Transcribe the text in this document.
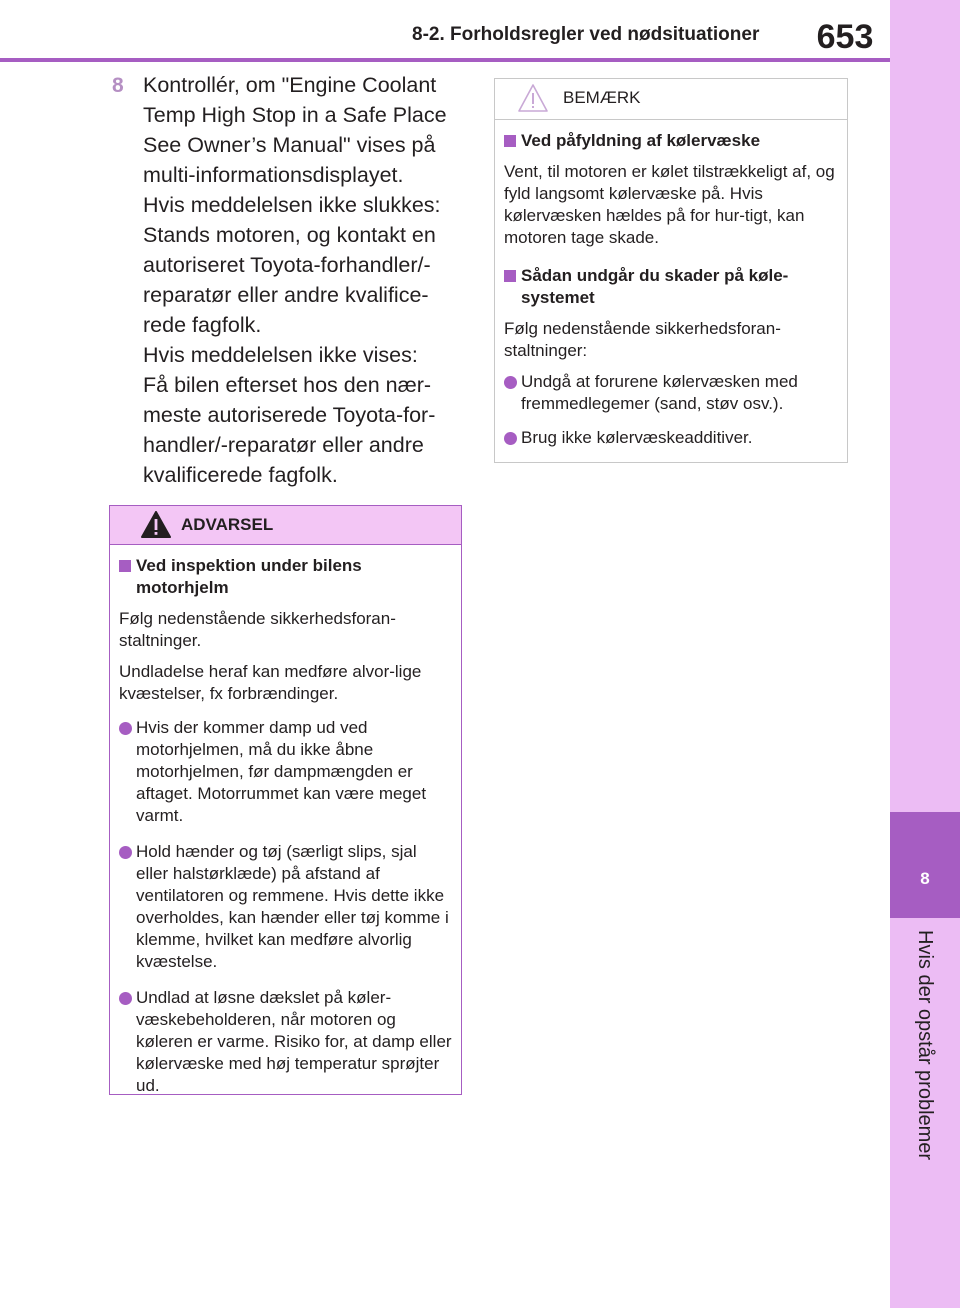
8-2. Forholdsregler ved nødsituationer	653
8
Hvis der opstår problemer
8 Kontrollér, om "Engine Coolant
Temp High Stop in a Safe Place
See Owner’s Manual" vises på
multi-informationsdisplayet.
Hvis meddelelsen ikke slukkes:
Stands motoren, og kontakt en
autoriseret Toyota-forhandler/-
reparatør eller andre kvalifice-
rede fagfolk.
Hvis meddelelsen ikke vises:
Få bilen efterset hos den nær-
meste autoriserede Toyota-for-
handler/-reparatør eller andre
kvalificerede fagfolk.
ADVARSEL
Ved inspektion under bilens motorhjelm
Følg nedenstående sikkerhedsforan-staltninger.
Undladelse heraf kan medføre alvor-lige kvæstelser, fx forbrændinger.
Hvis der kommer damp ud ved motorhjelmen, må du ikke åbne motorhjelmen, før dampmængden er aftaget. Motorrummet kan være meget varmt.
Hold hænder og tøj (særligt slips, sjal eller halstørklæde) på afstand af ventilatoren og remmene. Hvis dette ikke overholdes, kan hænder eller tøj komme i klemme, hvilket kan medføre alvorlig kvæstelse.
Undlad at løsne dækslet på køler-væskebeholderen, når motoren og køleren er varme. Risiko for, at damp eller kølervæske med høj temperatur sprøjter ud.
BEMÆRK
Ved påfyldning af kølervæske
Vent, til motoren er kølet tilstrækkeligt af, og fyld langsomt kølervæske på. Hvis kølervæsken hældes på for hur-tigt, kan motoren tage skade.
Sådan undgår du skader på køle-systemet
Følg nedenstående sikkerhedsforan-staltninger:
Undgå at forurene kølervæsken med fremmedlegemer (sand, støv osv.).
Brug ikke kølervæskeadditiver.
